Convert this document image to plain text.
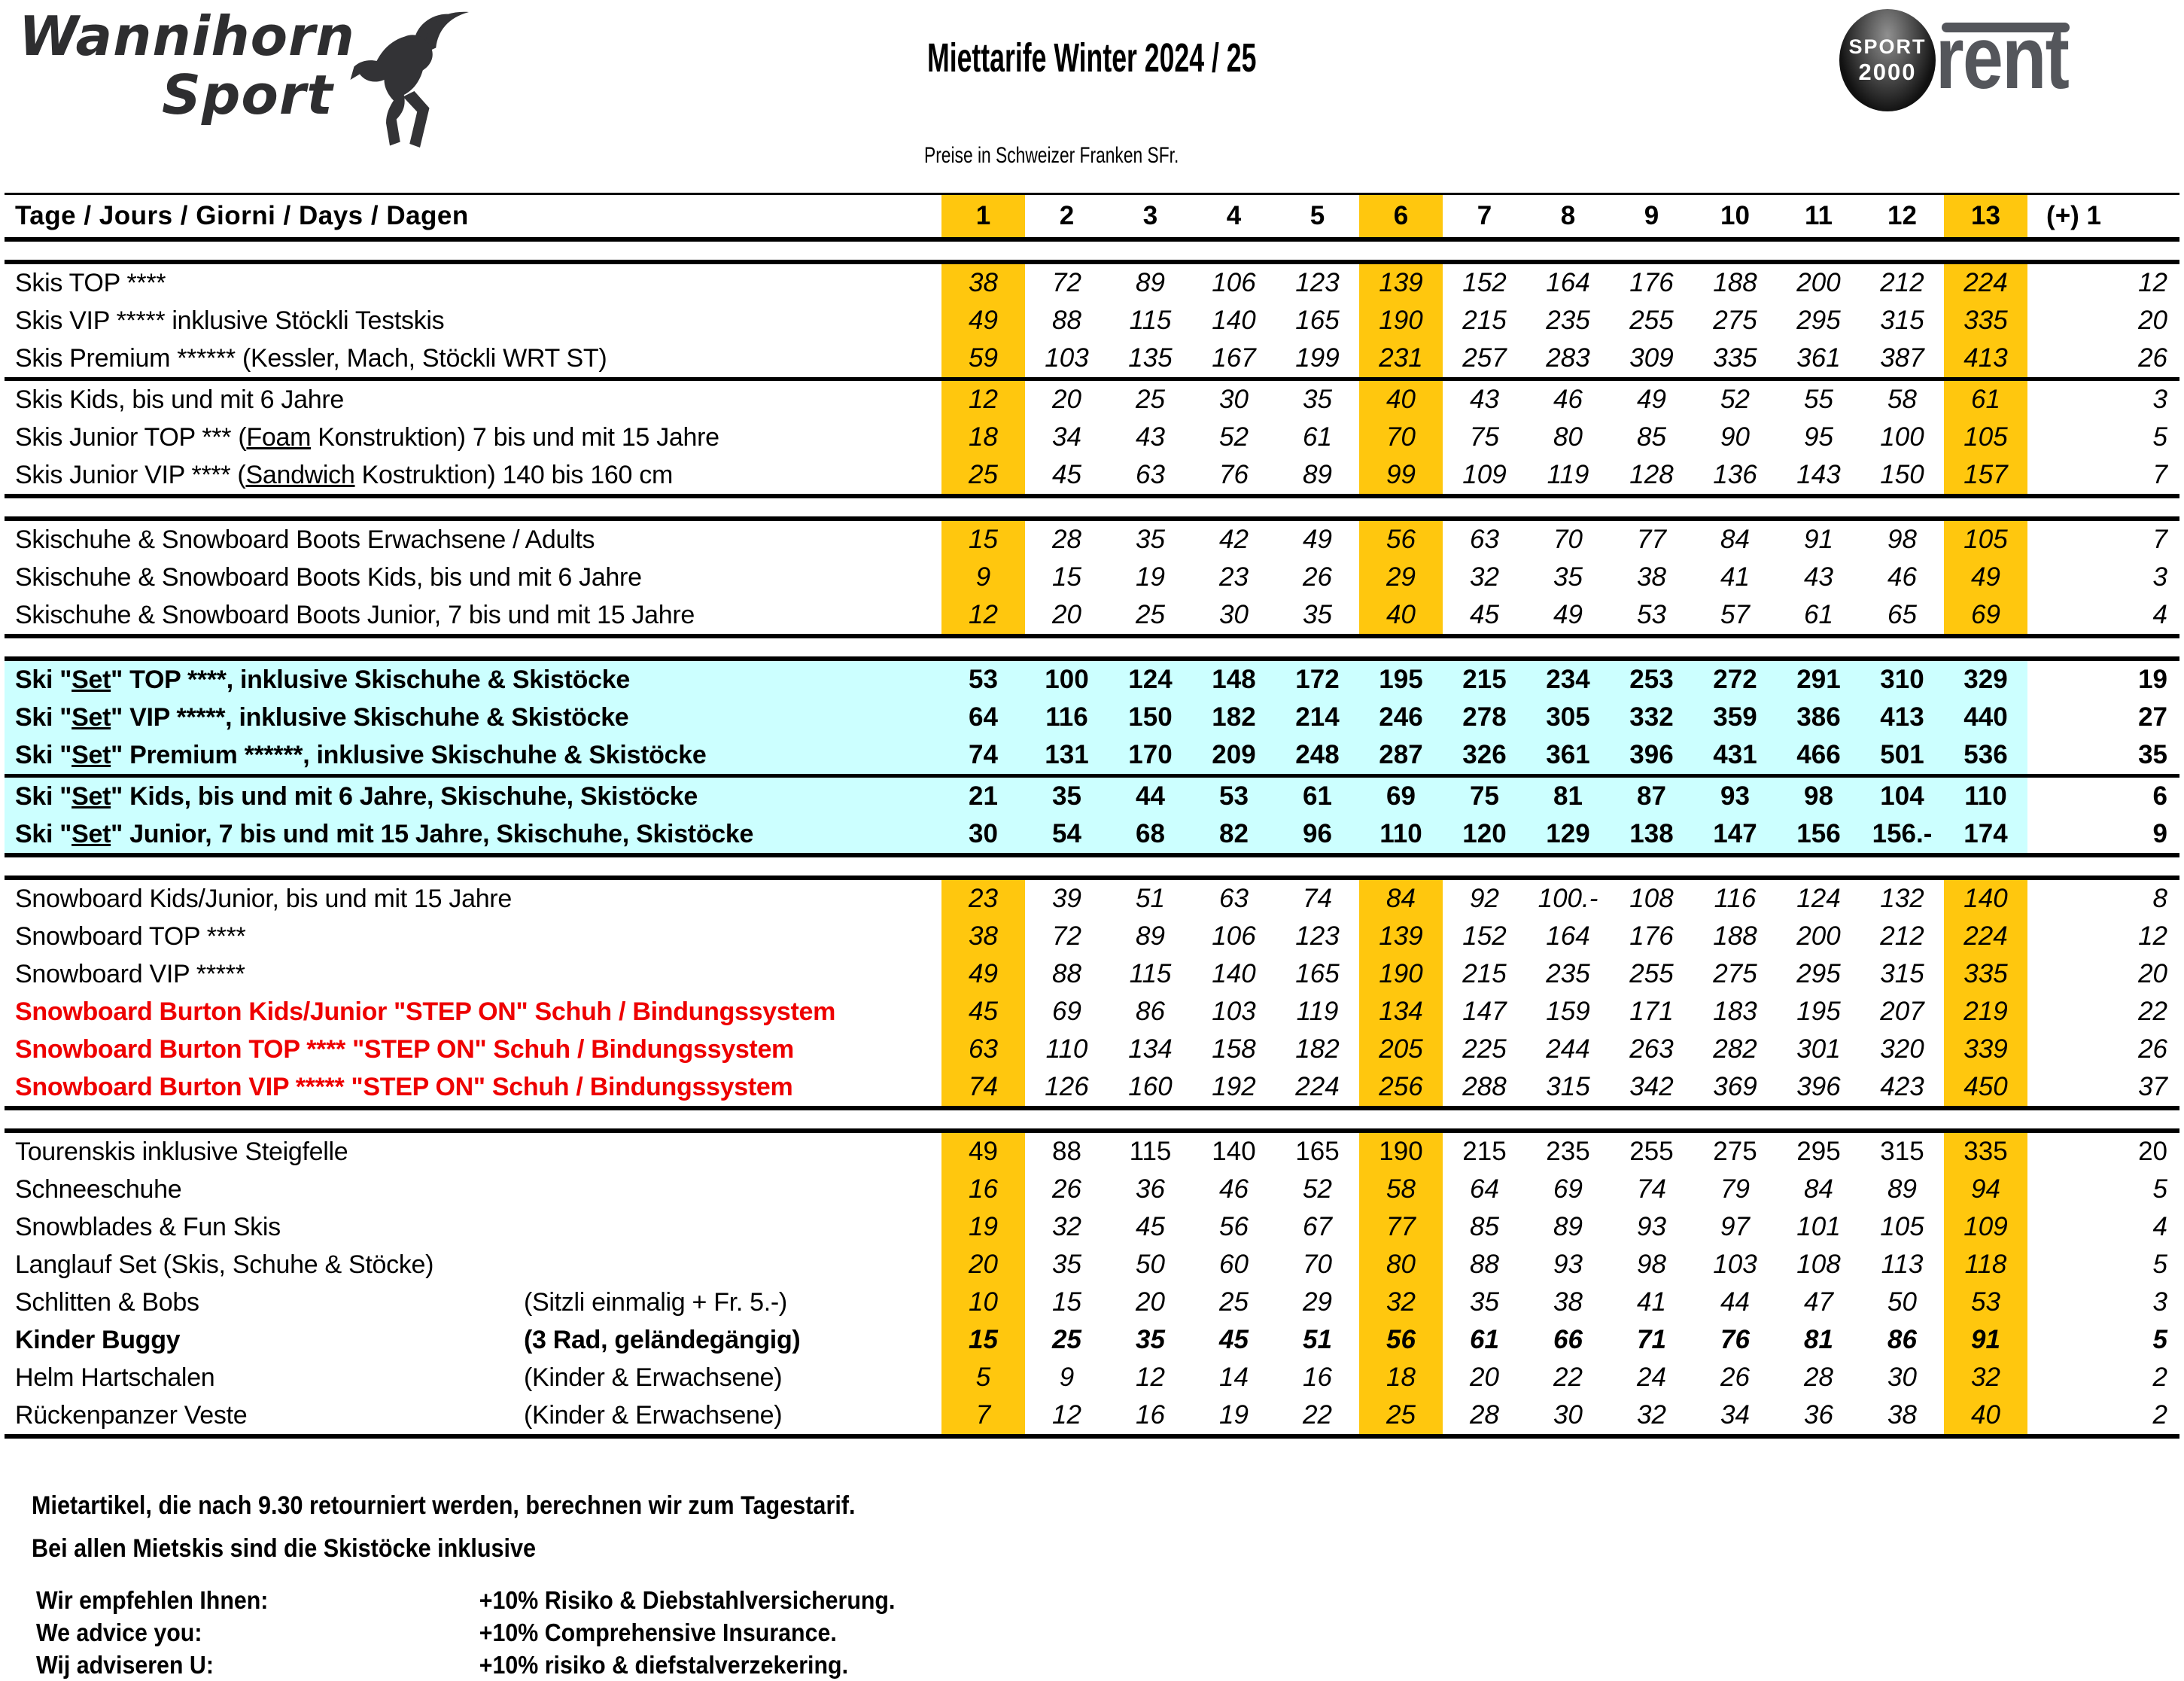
Wannihorn
Sport
Miettarife Winter 2024 / 25
Preise in Schweizer Franken SFr.
SPORT
2000 rent
Tage / Jours / Giorni / Days / Dagen	1	2	3	4	5	6	7	8	9	10	11	12	13	(+) 1
Skis TOP ****	38	72	89	106	123	139	152	164	176	188	200	212	224	12
Skis VIP ***** inklusive Stöckli Testskis	49	88	115	140	165	190	215	235	255	275	295	315	335	20
Skis Premium ****** (Kessler, Mach, Stöckli WRT ST)	59	103	135	167	199	231	257	283	309	335	361	387	413	26
Skis Kids, bis und mit 6 Jahre	12	20	25	30	35	40	43	46	49	52	55	58	61	3
Skis Junior TOP *** (Foam Konstruktion) 7 bis und mit 15 Jahre	18	34	43	52	61	70	75	80	85	90	95	100	105	5
Skis Junior VIP **** (Sandwich Kostruktion) 140 bis 160 cm	25	45	63	76	89	99	109	119	128	136	143	150	157	7
Skischuhe & Snowboard Boots Erwachsene / Adults	15	28	35	42	49	56	63	70	77	84	91	98	105	7
Skischuhe & Snowboard Boots Kids, bis und mit 6 Jahre	9	15	19	23	26	29	32	35	38	41	43	46	49	3
Skischuhe & Snowboard Boots Junior, 7 bis und mit 15 Jahre	12	20	25	30	35	40	45	49	53	57	61	65	69	4
Ski "Set" TOP ****, inklusive Skischuhe & Skistöcke	53	100	124	148	172	195	215	234	253	272	291	310	329	19
Ski "Set" VIP *****, inklusive Skischuhe & Skistöcke	64	116	150	182	214	246	278	305	332	359	386	413	440	27
Ski "Set" Premium ******, inklusive Skischuhe & Skistöcke	74	131	170	209	248	287	326	361	396	431	466	501	536	35
Ski "Set" Kids, bis und mit 6 Jahre, Skischuhe, Skistöcke	21	35	44	53	61	69	75	81	87	93	98	104	110	6
Ski "Set" Junior, 7 bis und mit 15 Jahre, Skischuhe, Skistöcke	30	54	68	82	96	110	120	129	138	147	156	156.-	174	9
Snowboard Kids/Junior, bis und mit 15 Jahre	23	39	51	63	74	84	92	100.-	108	116	124	132	140	8
Snowboard TOP ****	38	72	89	106	123	139	152	164	176	188	200	212	224	12
Snowboard VIP *****	49	88	115	140	165	190	215	235	255	275	295	315	335	20
Snowboard Burton Kids/Junior "STEP ON" Schuh / Bindungssystem	45	69	86	103	119	134	147	159	171	183	195	207	219	22
Snowboard Burton TOP **** "STEP ON" Schuh / Bindungssystem	63	110	134	158	182	205	225	244	263	282	301	320	339	26
Snowboard Burton VIP ***** "STEP ON" Schuh / Bindungssystem	74	126	160	192	224	256	288	315	342	369	396	423	450	37
Tourenskis inklusive Steigfelle	49	88	115	140	165	190	215	235	255	275	295	315	335	20
Schneeschuhe	16	26	36	46	52	58	64	69	74	79	84	89	94	5
Snowblades & Fun Skis	19	32	45	56	67	77	85	89	93	97	101	105	109	4
Langlauf Set (Skis, Schuhe & Stöcke)	20	35	50	60	70	80	88	93	98	103	108	113	118	5
Schlitten & Bobs	(Sitzli einmalig + Fr. 5.-)	10	15	20	25	29	32	35	38	41	44	47	50	53	3
Kinder Buggy	(3 Rad, geländegängig)	15	25	35	45	51	56	61	66	71	76	81	86	91	5
Helm Hartschalen	(Kinder & Erwachsene)	5	9	12	14	16	18	20	22	24	26	28	30	32	2
Rückenpanzer Veste	(Kinder & Erwachsene)	7	12	16	19	22	25	28	30	32	34	36	38	40	2
Mietartikel, die nach 9.30 retourniert werden, berechnen wir zum Tagestarif.
Bei allen Mietskis sind die Skistöcke inklusive
Wir empfehlen Ihnen:	+10% Risiko & Diebstahlversicherung.
We advice you:	+10% Comprehensive Insurance.
Wij adviseren U:	+10% risiko & diefstalverzekering.
